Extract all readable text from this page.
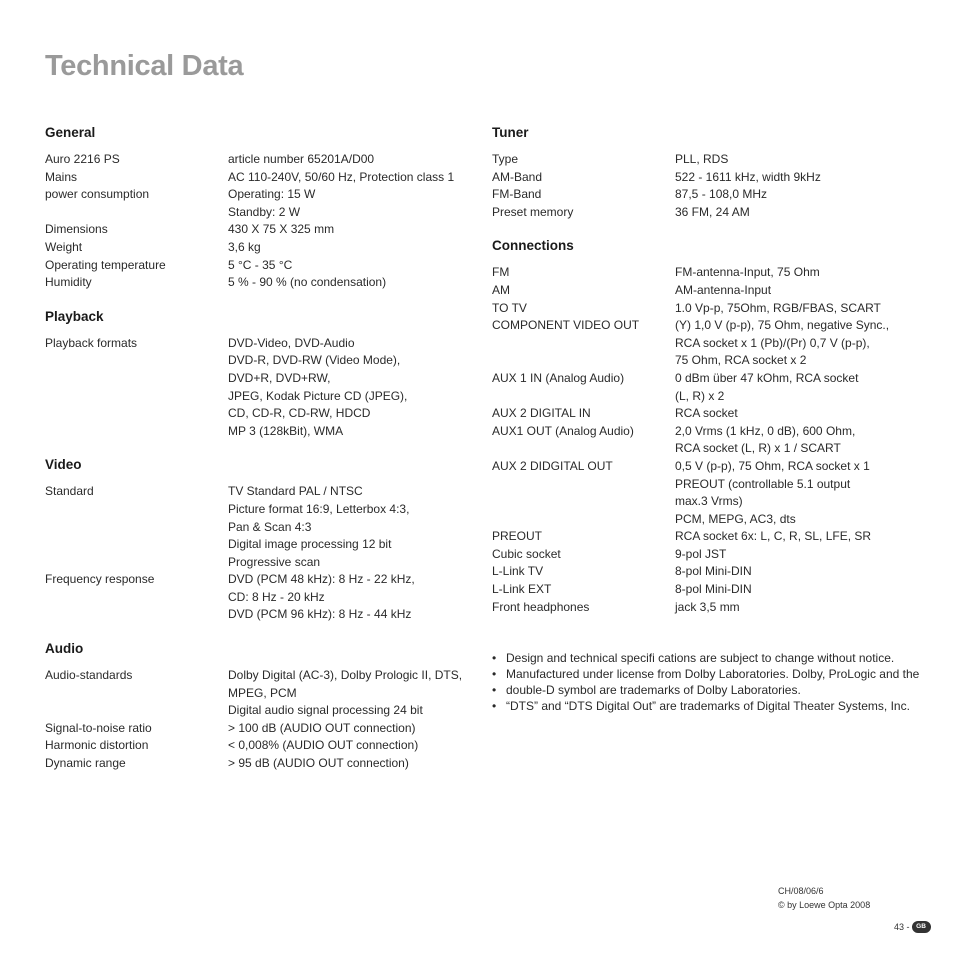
Technical Data
General
Auro 2216 PS	article number 65201A/D00
Mains	AC 110-240V, 50/60 Hz, Protection class 1
power consumption	Operating: 15 W
Standby: 2 W
Dimensions	430 X 75 X 325 mm
Weight	3,6 kg
Operating temperature	5 °C - 35 °C
Humidity	5 % - 90 % (no condensation)
Playback
Playback formats	DVD-Video, DVD-Audio
DVD-R, DVD-RW (Video Mode),
DVD+R, DVD+RW,
JPEG, Kodak Picture CD (JPEG),
CD, CD-R, CD-RW, HDCD
MP 3 (128kBit), WMA
Video
Standard	TV Standard PAL / NTSC
Picture format 16:9, Letterbox 4:3,
Pan & Scan 4:3
Digital image processing 12 bit
Progressive scan
Frequency response	DVD (PCM 48 kHz): 8 Hz - 22 kHz,
CD: 8 Hz - 20 kHz
DVD (PCM 96 kHz): 8 Hz - 44 kHz
Audio
Audio-standards	Dolby Digital (AC-3), Dolby Prologic II, DTS,
MPEG, PCM
Digital audio signal processing 24 bit
Signal-to-noise ratio	> 100 dB (AUDIO OUT connection)
Harmonic distortion	< 0,008% (AUDIO OUT connection)
Dynamic range	> 95 dB (AUDIO OUT connection)
Tuner
Type	PLL, RDS
AM-Band	522 - 1611 kHz, width 9kHz
FM-Band	87,5 - 108,0 MHz
Preset memory	36 FM, 24 AM
Connections
FM	FM-antenna-Input, 75 Ohm
AM	AM-antenna-Input
TO TV	1.0 Vp-p, 75Ohm, RGB/FBAS, SCART
COMPONENT VIDEO OUT	(Y) 1,0 V (p-p), 75 Ohm, negative Sync.,
RCA socket x 1 (Pb)/(Pr) 0,7 V (p-p),
75 Ohm, RCA socket x 2
AUX 1 IN (Analog Audio)	0 dBm über 47 kOhm, RCA socket
(L, R) x 2
AUX 2 DIGITAL IN	RCA socket
AUX1 OUT (Analog Audio)	2,0 Vrms (1 kHz, 0 dB), 600 Ohm,
RCA socket (L, R) x 1 / SCART
AUX 2 DIDGITAL OUT	0,5 V (p-p), 75 Ohm, RCA socket x 1
PREOUT (controllable 5.1 output
max.3 Vrms)
PCM, MEPG, AC3, dts
PREOUT	RCA socket 6x: L, C, R, SL, LFE, SR
Cubic socket	9-pol JST
L-Link TV	8-pol Mini-DIN
L-Link EXT	8-pol Mini-DIN
Front headphones	jack 3,5 mm
• Design and technical specifi cations are subject to change without notice.
• Manufactured under license from Dolby Laboratories. Dolby, ProLogic and the
• double-D symbol are trademarks of Dolby Laboratories.
• “DTS” and “DTS Digital Out” are trademarks of Digital Theater Systems, Inc.
CH/08/06/6
© by Loewe Opta 2008
43 -	GB
